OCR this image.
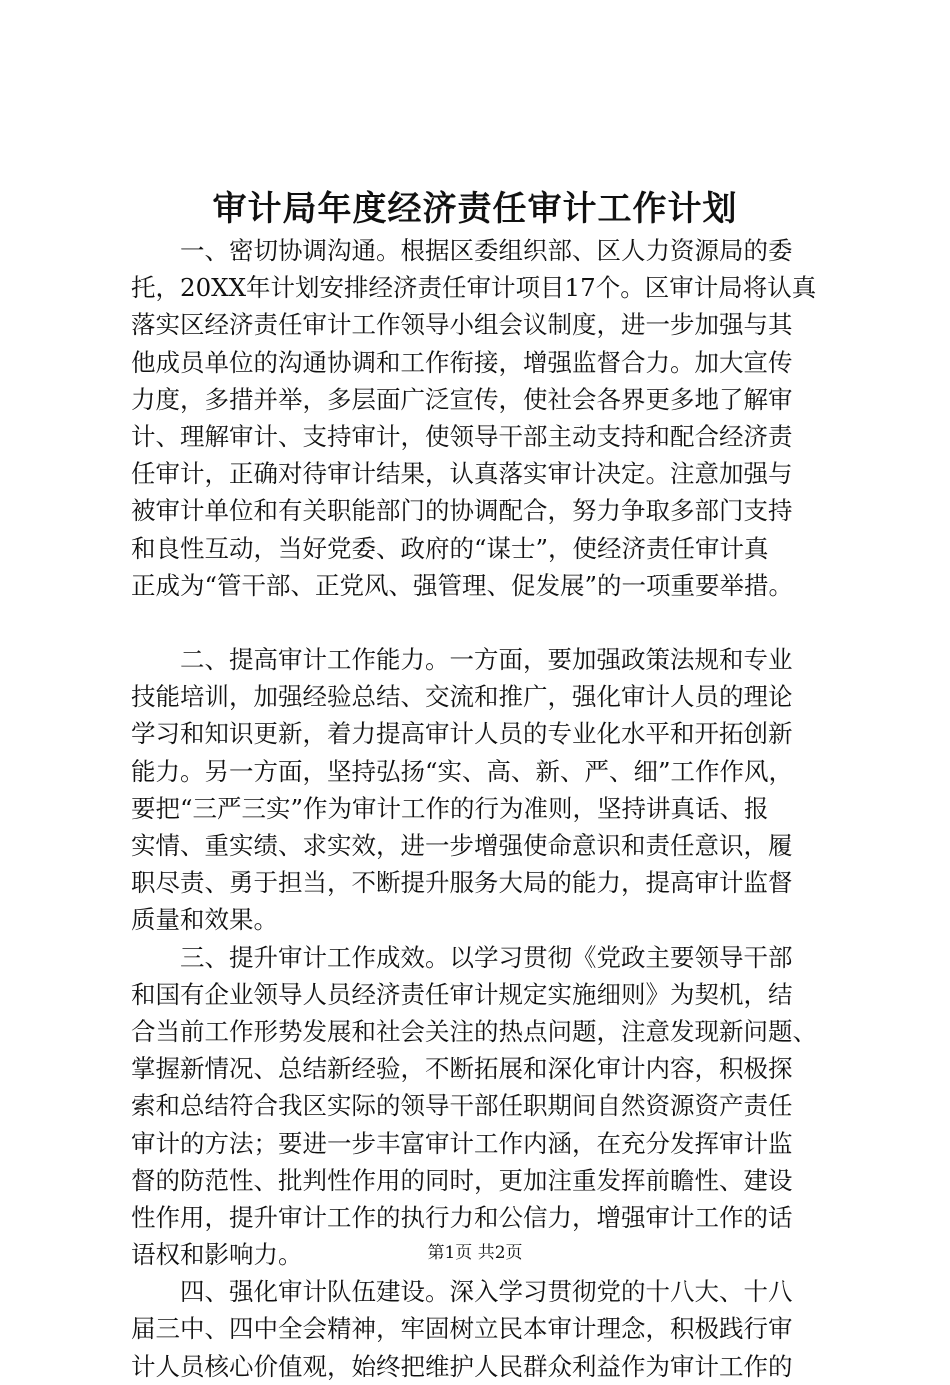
审计局年度经济责任审计工作计划
一、密切协调沟通。根据区委组织部、区人力资源局的委
托，20XX年计划安排经济责任审计项目17个。区审计局将认真
落实区经济责任审计工作领导小组会议制度，进一步加强与其
他成员单位的沟通协调和工作衔接，增强监督合力。加大宣传
力度，多措并举，多层面广泛宣传，使社会各界更多地了解审
计、理解审计、支持审计，使领导干部主动支持和配合经济责
任审计，正确对待审计结果，认真落实审计决定。注意加强与
被审计单位和有关职能部门的协调配合，努力争取多部门支持
和良性互动，当好党委、政府的“谋士”，使经济责任审计真
正成为“管干部、正党风、强管理、促发展”的一项重要举措。
二、提高审计工作能力。一方面，要加强政策法规和专业
技能培训，加强经验总结、交流和推广，强化审计人员的理论
学习和知识更新，着力提高审计人员的专业化水平和开拓创新
能力。另一方面，坚持弘扬“实、高、新、严、细”工作作风，
要把“三严三实”作为审计工作的行为准则，坚持讲真话、报
实情、重实绩、求实效，进一步增强使命意识和责任意识，履
职尽责、勇于担当，不断提升服务大局的能力，提高审计监督
质量和效果。
三、提升审计工作成效。以学习贯彻《党政主要领导干部
和国有企业领导人员经济责任审计规定实施细则》为契机，结
合当前工作形势发展和社会关注的热点问题，注意发现新问题、
掌握新情况、总结新经验，不断拓展和深化审计内容，积极探
索和总结符合我区实际的领导干部任职期间自然资源资产责任
审计的方法；要进一步丰富审计工作内涵，在充分发挥审计监
督的防范性、批判性作用的同时，更加注重发挥前瞻性、建设
性作用，提升审计工作的执行力和公信力，增强审计工作的话
语权和影响力。
四、强化审计队伍建设。深入学习贯彻党的十八大、十八
届三中、四中全会精神，牢固树立民本审计理念，积极践行审
计人员核心价值观，始终把维护人民群众利益作为审计工作的
第1页 共2页
